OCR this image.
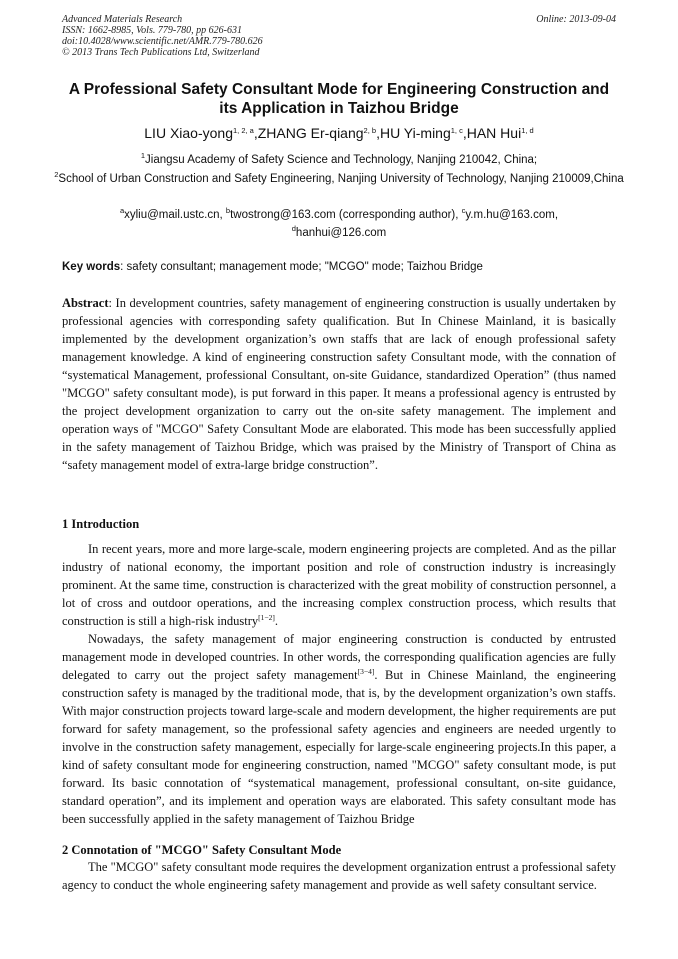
Advanced Materials Research
ISSN: 1662-8985, Vols. 779-780, pp 626-631
doi:10.4028/www.scientific.net/AMR.779-780.626
© 2013 Trans Tech Publications Ltd, Switzerland
Online: 2013-09-04
A Professional Safety Consultant Mode for Engineering Construction and its Application in Taizhou Bridge
LIU Xiao-yong$^{1, 2, a}$,ZHANG Er-qiang$^{2, b}$,HU Yi-ming$^{1, c}$,HAN Hui$^{1, d}$
$^1$Jiangsu Academy of Safety Science and Technology, Nanjing 210042, China;
$^2$School of Urban Construction and Safety Engineering, Nanjing University of Technology, Nanjing 210009,China
$^a$xyliu@mail.ustc.cn, $^b$twostrong@163.com (corresponding author), $^c$y.m.hu@163.com,
$^d$hanhui@126.com
Key words: safety consultant; management mode; "MCGO" mode; Taizhou Bridge
Abstract: In development countries, safety management of engineering construction is usually undertaken by professional agencies with corresponding safety qualification. But In Chinese Mainland, it is basically implemented by the development organization’s own staffs that are lack of enough professional safety management knowledge. A kind of engineering construction safety Consultant mode, with the connation of “systematical Management, professional Consultant, on-site Guidance, standardized Operation” (thus named "MCGO" safety consultant mode), is put forward in this paper. It means a professional agency is entrusted by the project development organization to carry out the on-site safety management. The implement and operation ways of "MCGO" Safety Consultant Mode are elaborated. This mode has been successfully applied in the safety management of Taizhou Bridge, which was praised by the Ministry of Transport of China as “safety management model of extra-large bridge construction”.
1 Introduction
In recent years, more and more large-scale, modern engineering projects are completed. And as the pillar industry of national economy, the important position and role of construction industry is increasingly prominent. At the same time, construction is characterized with the great mobility of construction personnel, a lot of cross and outdoor operations, and the increasing complex construction process, which results that construction is still a high-risk industry[1−2].
Nowadays, the safety management of major engineering construction is conducted by entrusted management mode in developed countries. In other words, the corresponding qualification agencies are fully delegated to carry out the project safety management[3−4]. But in Chinese Mainland, the engineering construction safety is managed by the traditional mode, that is, by the development organization’s own staffs. With major construction projects toward large-scale and modern development, the higher requirements are put forward for safety management, so the professional safety agencies and engineers are needed urgently to involve in the construction safety management, especially for large-scale engineering projects.In this paper, a kind of safety consultant mode for engineering construction, named "MCGO" safety consultant mode, is put forward. Its basic connotation of “systematical management, professional consultant, on-site guidance, standard operation”, and its implement and operation ways are elaborated. This safety consultant mode has been successfully applied in the safety management of Taizhou Bridge
2 Connotation of "MCGO" Safety Consultant Mode
The "MCGO" safety consultant mode requires the development organization entrust a professional safety agency to conduct the whole engineering safety management and provide as well safety consultant service.
